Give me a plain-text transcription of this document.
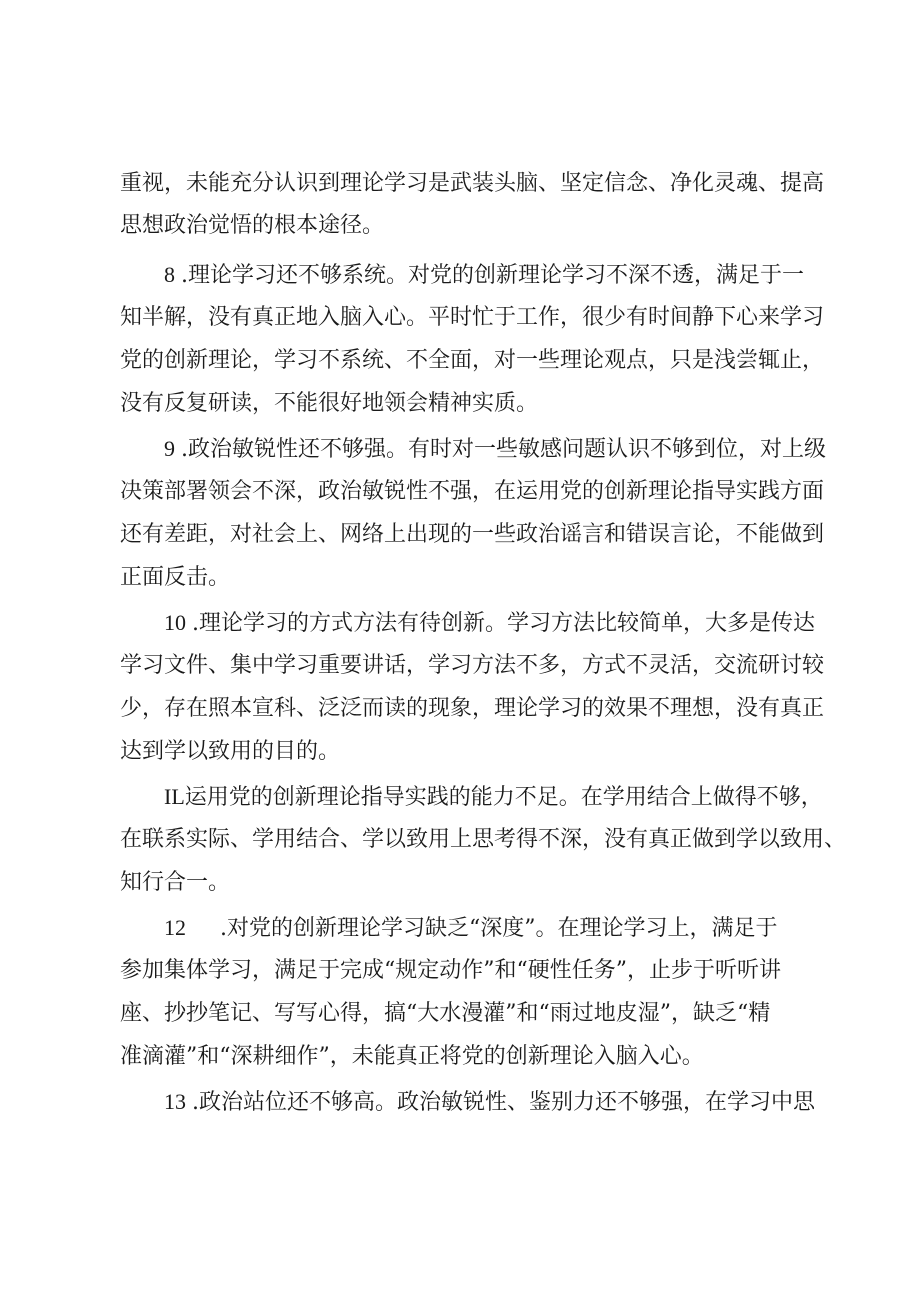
重视，未能充分认识到理论学习是武装头脑、坚定信念、净化灵魂、提高
思想政治觉悟的根本途径。
8 .理论学习还不够系统。对党的创新理论学习不深不透，满足于一
知半解，没有真正地入脑入心。平时忙于工作，很少有时间静下心来学习
党的创新理论，学习不系统、不全面，对一些理论观点，只是浅尝辄止，
没有反复研读，不能很好地领会精神实质。
9 .政治敏锐性还不够强。有时对一些敏感问题认识不够到位，对上级
决策部署领会不深，政治敏锐性不强，在运用党的创新理论指导实践方面
还有差距，对社会上、网络上出现的一些政治谣言和错误言论，不能做到
正面反击。
10 .理论学习的方式方法有待创新。学习方法比较简单，大多是传达
学习文件、集中学习重要讲话，学习方法不多，方式不灵活，交流研讨较
少，存在照本宣科、泛泛而读的现象，理论学习的效果不理想，没有真正
达到学以致用的目的。
IL运用党的创新理论指导实践的能力不足。在学用结合上做得不够，
在联系实际、学用结合、学以致用上思考得不深，没有真正做到学以致用、
知行合一。
12 .对党的创新理论学习缺乏“深度”。在理论学习上，满足于
参加集体学习，满足于完成“规定动作”和“硬性任务”，止步于听听讲
座、抄抄笔记、写写心得，搞“大水漫灌”和“雨过地皮湿”，缺乏“精
准滴灌”和“深耕细作”，未能真正将党的创新理论入脑入心。
13 .政治站位还不够高。政治敏锐性、鉴别力还不够强，在学习中思
